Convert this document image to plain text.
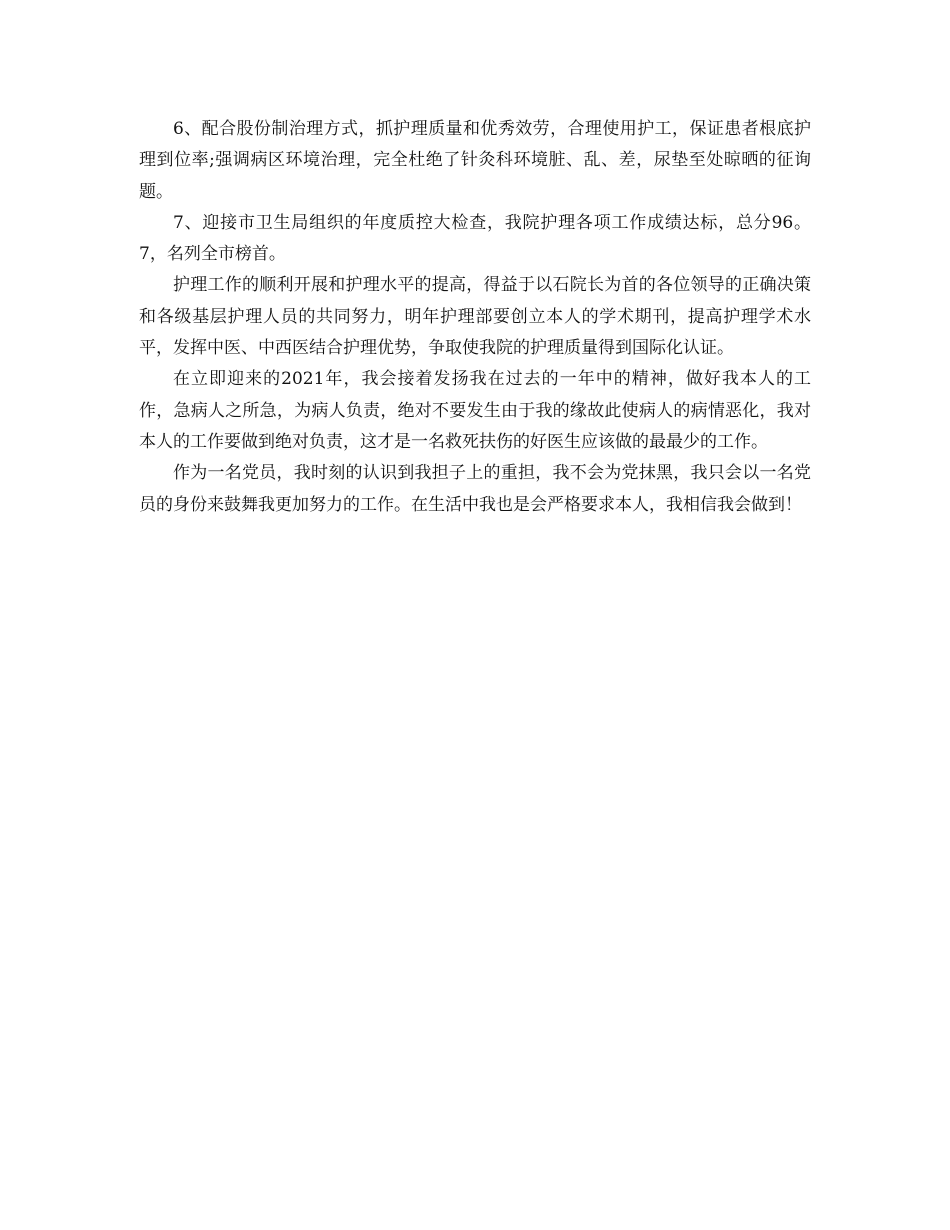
6、配合股份制治理方式，抓护理质量和优秀效劳，合理使用护工，保证患者根底护理到位率;强调病区环境治理，完全杜绝了针灸科环境脏、乱、差，尿垫至处晾晒的征询题。

7、迎接市卫生局组织的年度质控大检查，我院护理各项工作成绩达标，总分96。7，名列全市榜首。

护理工作的顺利开展和护理水平的提高，得益于以石院长为首的各位领导的正确决策和各级基层护理人员的共同努力，明年护理部要创立本人的学术期刊，提高护理学术水平，发挥中医、中西医结合护理优势，争取使我院的护理质量得到国际化认证。

在立即迎来的2021年，我会接着发扬我在过去的一年中的精神，做好我本人的工作，急病人之所急，为病人负责，绝对不要发生由于我的缘故此使病人的病情恶化，我对本人的工作要做到绝对负责，这才是一名救死扶伤的好医生应该做的最最少的工作。

作为一名党员，我时刻的认识到我担子上的重担，我不会为党抹黑，我只会以一名党员的身份来鼓舞我更加努力的工作。在生活中我也是会严格要求本人，我相信我会做到！
